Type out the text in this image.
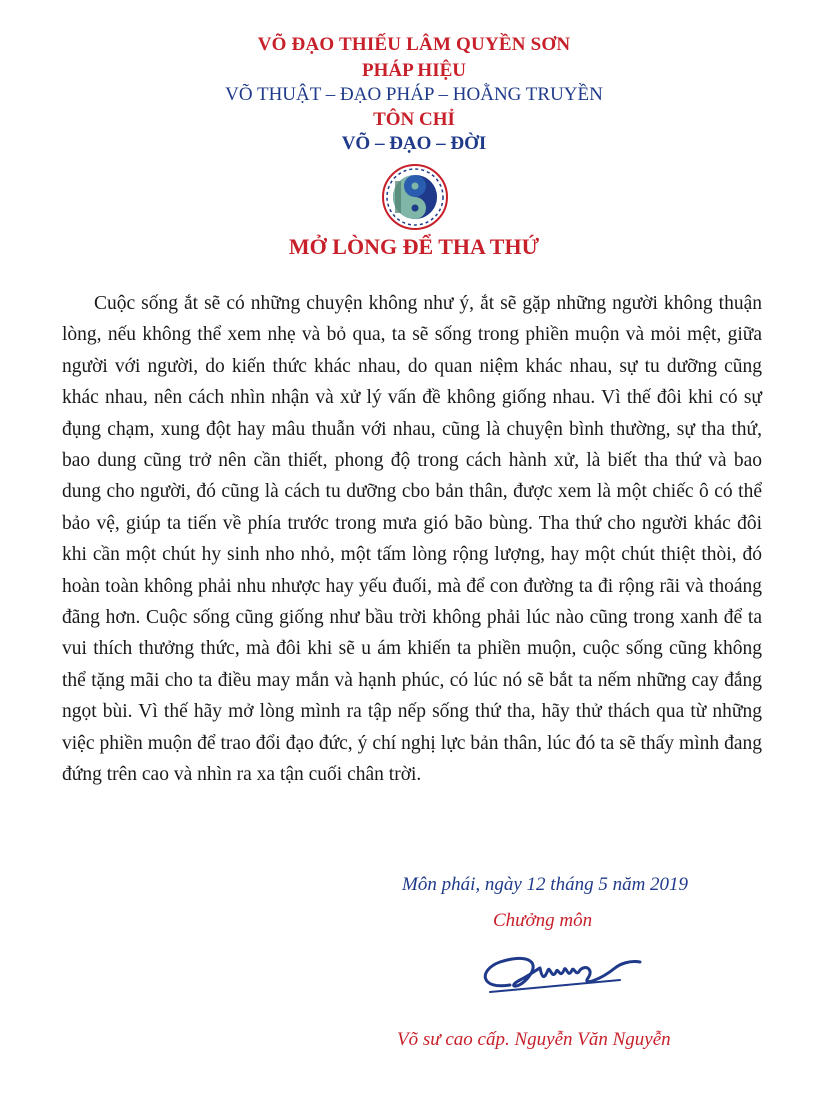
VÕ ĐẠO THIẾU LÂM QUYỀN SƠN
PHÁP HIỆU
VÕ THUẬT – ĐẠO PHÁP – HOẰNG TRUYỀN
TÔN CHỈ
VÕ – ĐẠO – ĐỜI
MỞ LÒNG ĐỂ THA THỨ
Cuộc sống ắt sẽ có những chuyện không như ý, ắt sẽ gặp những người không thuận lòng, nếu không thể xem nhẹ và bỏ qua, ta sẽ sống trong phiền muộn và mỏi mệt, giữa người với người, do kiến thức khác nhau, do quan niệm khác nhau, sự tu dưỡng cũng khác nhau, nên cách nhìn nhận và xử lý vấn đề không giống nhau. Vì thế đôi khi có sự đụng chạm, xung đột hay mâu thuẫn với nhau, cũng là chuyện bình thường, sự tha thứ, bao dung cũng trở nên cần thiết, phong độ trong cách hành xử, là biết tha thứ và bao dung cho người, đó cũng là cách tu dưỡng cbo bản thân, được xem là một chiếc ô có thể bảo vệ, giúp ta tiến về phía trước trong mưa gió bão bùng. Tha thứ cho người khác đôi khi cần một chút hy sinh nho nhỏ, một tấm lòng rộng lượng, hay một chút thiệt thòi, đó hoàn toàn không phải nhu nhược hay yếu đuối, mà để con đường ta đi rộng rãi và thoáng đãng hơn. Cuộc sống cũng giống như bầu trời không phải lúc nào cũng trong xanh để ta vui thích thưởng thức, mà đôi khi sẽ u ám khiến ta phiền muộn, cuộc sống cũng không thể tặng mãi cho ta điều may mắn và hạnh phúc, có lúc nó sẽ bắt ta nếm những cay đắng ngọt bùi. Vì thế hãy mở lòng mình ra tập nếp sống thứ tha, hãy thử thách qua từ những việc phiền muộn để trao đổi đạo đức, ý chí nghị lực bản thân, lúc đó ta sẽ thấy mình đang đứng trên cao và nhìn ra xa tận cuối chân trời.
Môn phái, ngày 12 tháng 5 năm 2019
Chưởng môn
Võ sư cao cấp. Nguyễn Văn Nguyễn
